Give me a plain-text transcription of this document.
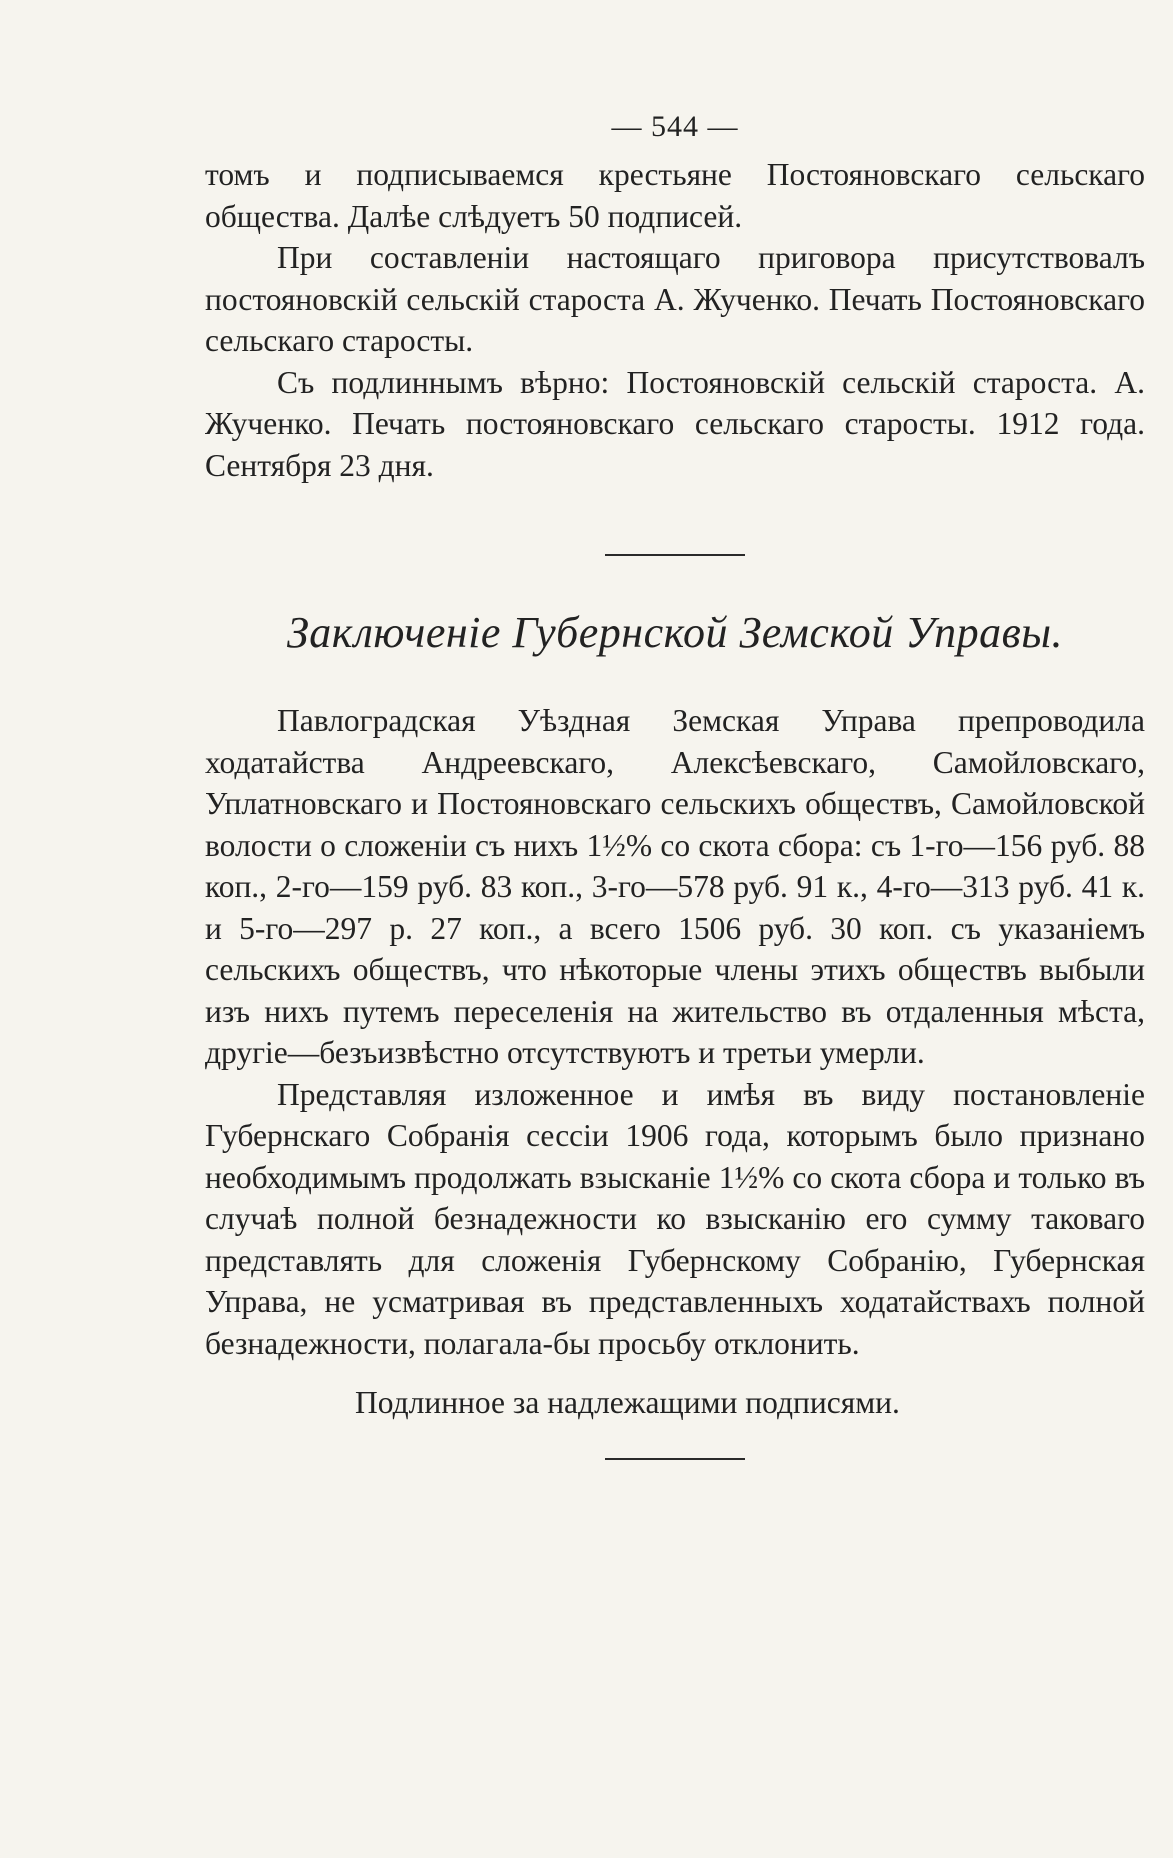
— 544 —

томъ и подписываемся крестьяне Постояновскаго сельскаго общества. Далѣе слѣдуетъ 50 подписей.

При составленіи настоящаго приговора присутствовалъ постояновскій сельскій староста А. Жученко. Печать Постояновскаго сельскаго старосты.

Съ подлиннымъ вѣрно: Постояновскій сельскій староста. А. Жученко. Печать постояновскаго сельскаго старосты. 1912 года. Сентября 23 дня.

Заключеніе Губернской Земской Управы.

Павлоградская Уѣздная Земская Управа препроводила ходатайства Андреевскаго, Алексѣевскаго, Самойловскаго, Уплатновскаго и Постояновскаго сельскихъ обществъ, Самойловской волости о сложеніи съ нихъ 1½% со скота сбора: съ 1-го—156 руб. 88 коп., 2-го—159 руб. 83 коп., 3-го—578 руб. 91 к., 4-го—313 руб. 41 к. и 5-го—297 р. 27 коп., а всего 1506 руб. 30 коп. съ указаніемъ сельскихъ обществъ, что нѣкоторые члены этихъ обществъ выбыли изъ нихъ путемъ переселенія на жительство въ отдаленныя мѣста, другіе—безъизвѣстно отсутствуютъ и третьи умерли.

Представляя изложенное и имѣя въ виду постановленіе Губернскаго Собранія сессіи 1906 года, которымъ было признано необходимымъ продолжать взысканіе 1½% со скота сбора и только въ случаѣ полной безнадежности ко взысканію его сумму таковаго представлять для сложенія Губернскому Собранію, Губернская Управа, не усматривая въ представленныхъ ходатайствахъ полной безнадежности, полагала-бы просьбу отклонить.

Подлинное за надлежащими подписями.
